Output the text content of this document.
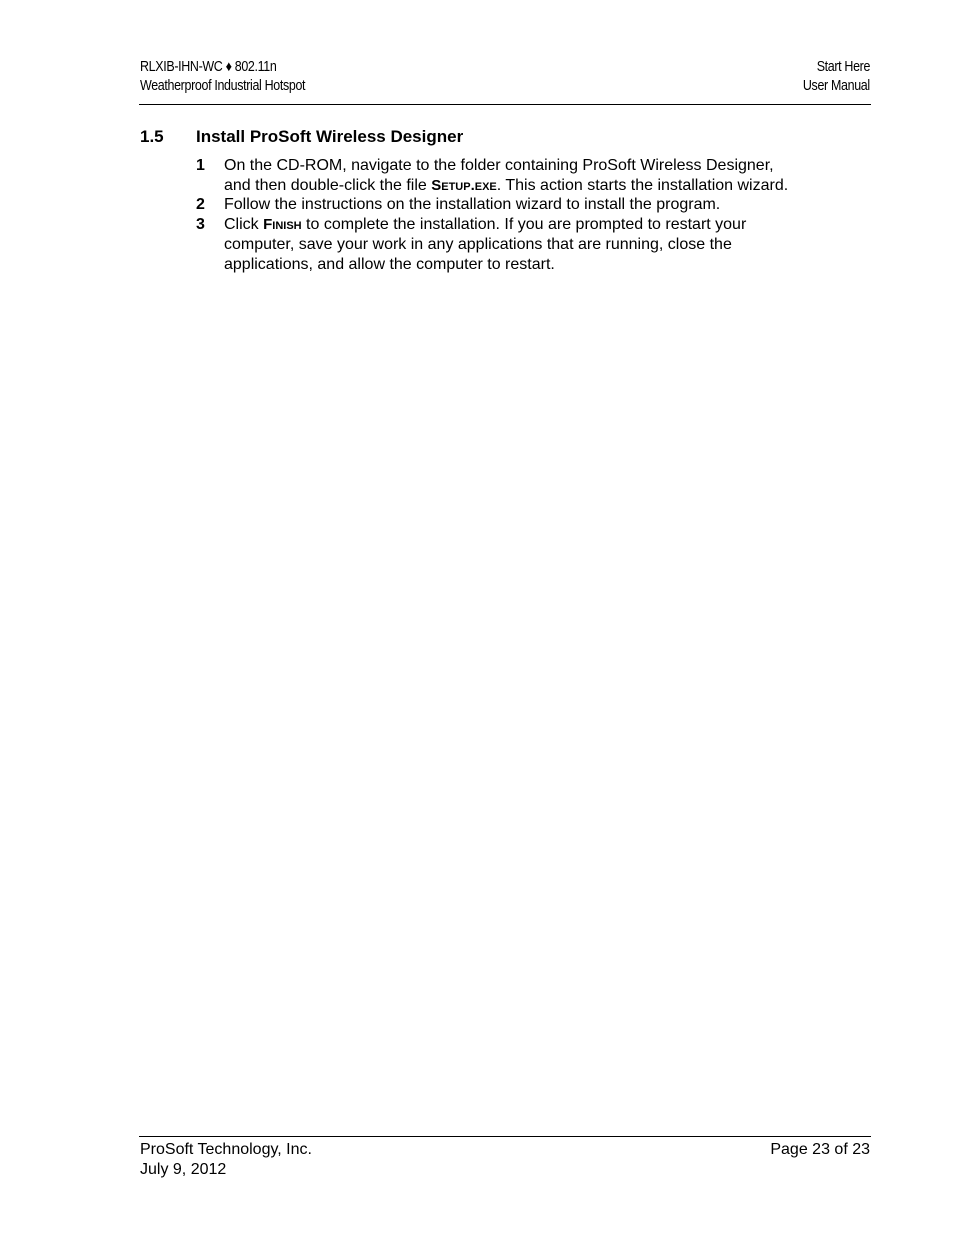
RLXIB-IHN-WC ♦ 802.11n
Weatherproof Industrial Hotspot
Start Here
User Manual
1.5	Install ProSoft Wireless Designer
1 On the CD-ROM, navigate to the folder containing ProSoft Wireless Designer, and then double-click the file Setup.exe. This action starts the installation wizard.
2 Follow the instructions on the installation wizard to install the program.
3 Click Finish to complete the installation. If you are prompted to restart your computer, save your work in any applications that are running, close the applications, and allow the computer to restart.
ProSoft Technology, Inc.
July 9, 2012
Page 23 of 23
